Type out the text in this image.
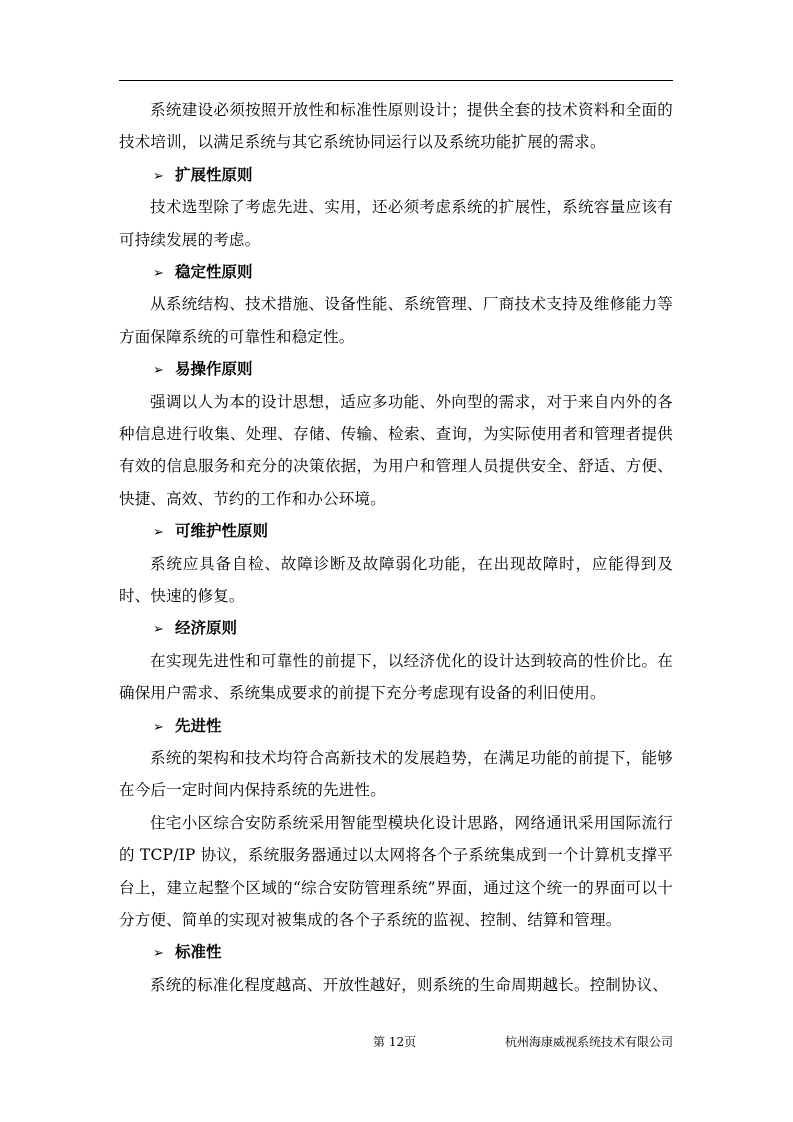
系统建设必须按照开放性和标准性原则设计；提供全套的技术资料和全面的技术培训，以满足系统与其它系统协同运行以及系统功能扩展的需求。

➢ 扩展性原则

技术选型除了考虑先进、实用，还必须考虑系统的扩展性，系统容量应该有可持续发展的考虑。

➢ 稳定性原则

从系统结构、技术措施、设备性能、系统管理、厂商技术支持及维修能力等方面保障系统的可靠性和稳定性。

➢ 易操作原则

强调以人为本的设计思想，适应多功能、外向型的需求，对于来自内外的各种信息进行收集、处理、存储、传输、检索、查询，为实际使用者和管理者提供有效的信息服务和充分的决策依据，为用户和管理人员提供安全、舒适、方便、快捷、高效、节约的工作和办公环境。

➢ 可维护性原则

系统应具备自检、故障诊断及故障弱化功能，在出现故障时，应能得到及时、快速的修复。

➢ 经济原则

在实现先进性和可靠性的前提下，以经济优化的设计达到较高的性价比。在确保用户需求、系统集成要求的前提下充分考虑现有设备的利旧使用。

➢ 先进性

系统的架构和技术均符合高新技术的发展趋势，在满足功能的前提下，能够在今后一定时间内保持系统的先进性。

住宅小区综合安防系统采用智能型模块化设计思路，网络通讯采用国际流行的 TCP/IP 协议，系统服务器通过以太网将各个子系统集成到一个计算机支撑平台上，建立起整个区域的“综合安防管理系统”界面，通过这个统一的界面可以十分方便、简单的实现对被集成的各个子系统的监视、控制、结算和管理。

➢ 标准性

系统的标准化程度越高、开放性越好，则系统的生命周期越长。控制协议、

第 12页	杭州海康威视系统技术有限公司
